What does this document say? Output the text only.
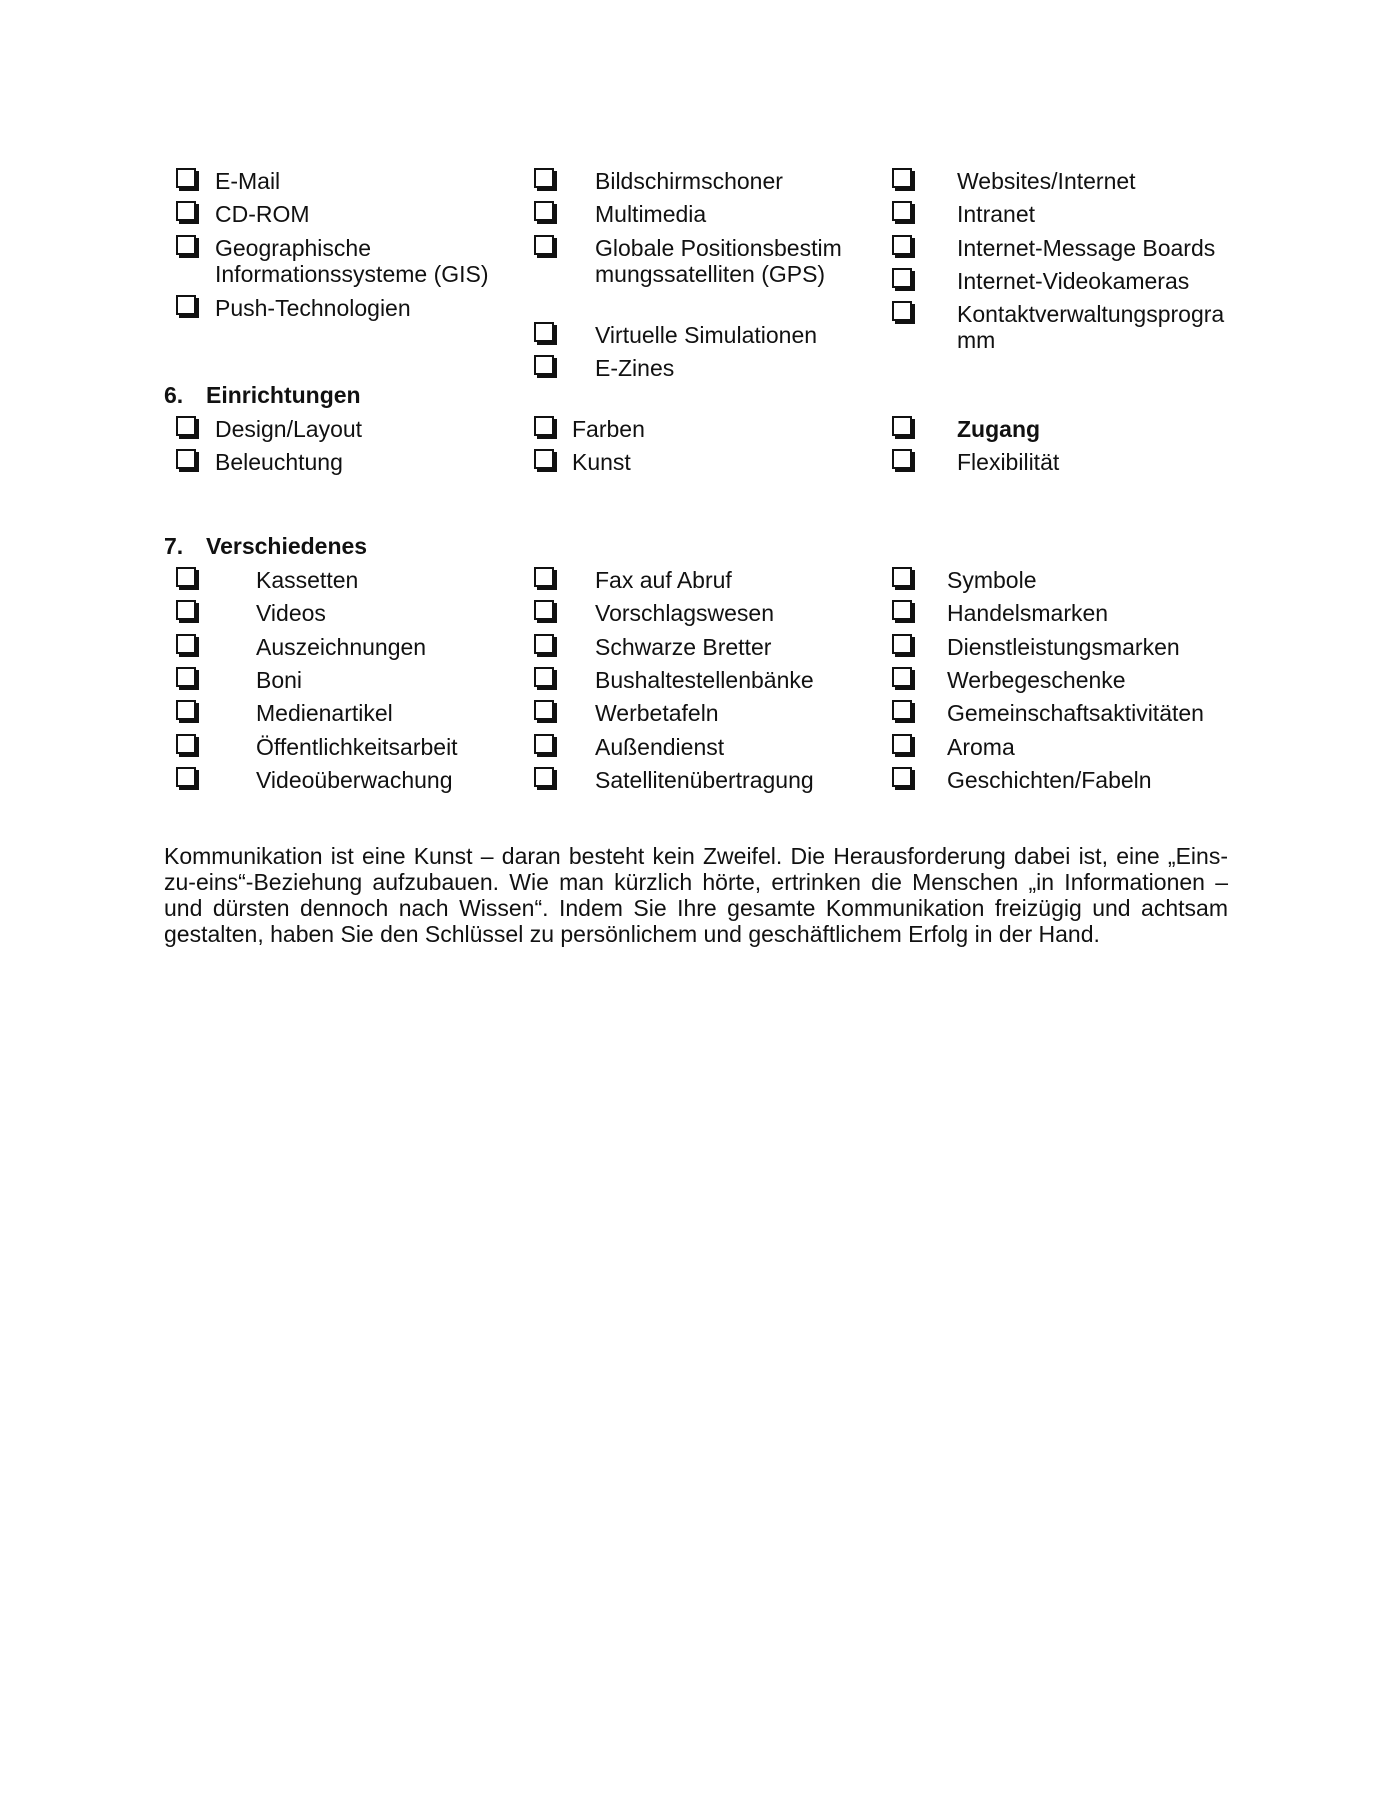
E-Mail
CD-ROM
Geographische Informationssysteme (GIS)
Push-Technologien
Bildschirmschoner
Multimedia
Globale Positionsbestimmungssatelliten (GPS)
Virtuelle Simulationen
E-Zines
Websites/Internet
Intranet
Internet-Message Boards
Internet-Videokameras
Kontaktverwaltungsprogramm
6. Einrichtungen
Design/Layout
Beleuchtung
Farben
Kunst
Zugang
Flexibilität
7. Verschiedenes
Kassetten
Videos
Auszeichnungen
Boni
Medienartikel
Öffentlichkeitsarbeit
Videoüberwachung
Fax auf Abruf
Vorschlagswesen
Schwarze Bretter
Bushaltestellenbänke
Werbetafeln
Außendienst
Satellitenübertragung
Symbole
Handelsmarken
Dienstleistungsmarken
Werbegeschenke
Gemeinschaftsaktivitäten
Aroma
Geschichten/Fabeln

Kommunikation ist eine Kunst – daran besteht kein Zweifel. Die Herausforderung dabei ist, eine „Eins-zu-eins“-Beziehung aufzubauen. Wie man kürzlich hörte, ertrinken die Menschen „in Informationen – und dürsten dennoch nach Wissen“. Indem Sie Ihre gesamte Kommunikation freizügig und achtsam gestalten, haben Sie den Schlüssel zu persönlichem und geschäftlichem Erfolg in der Hand.
